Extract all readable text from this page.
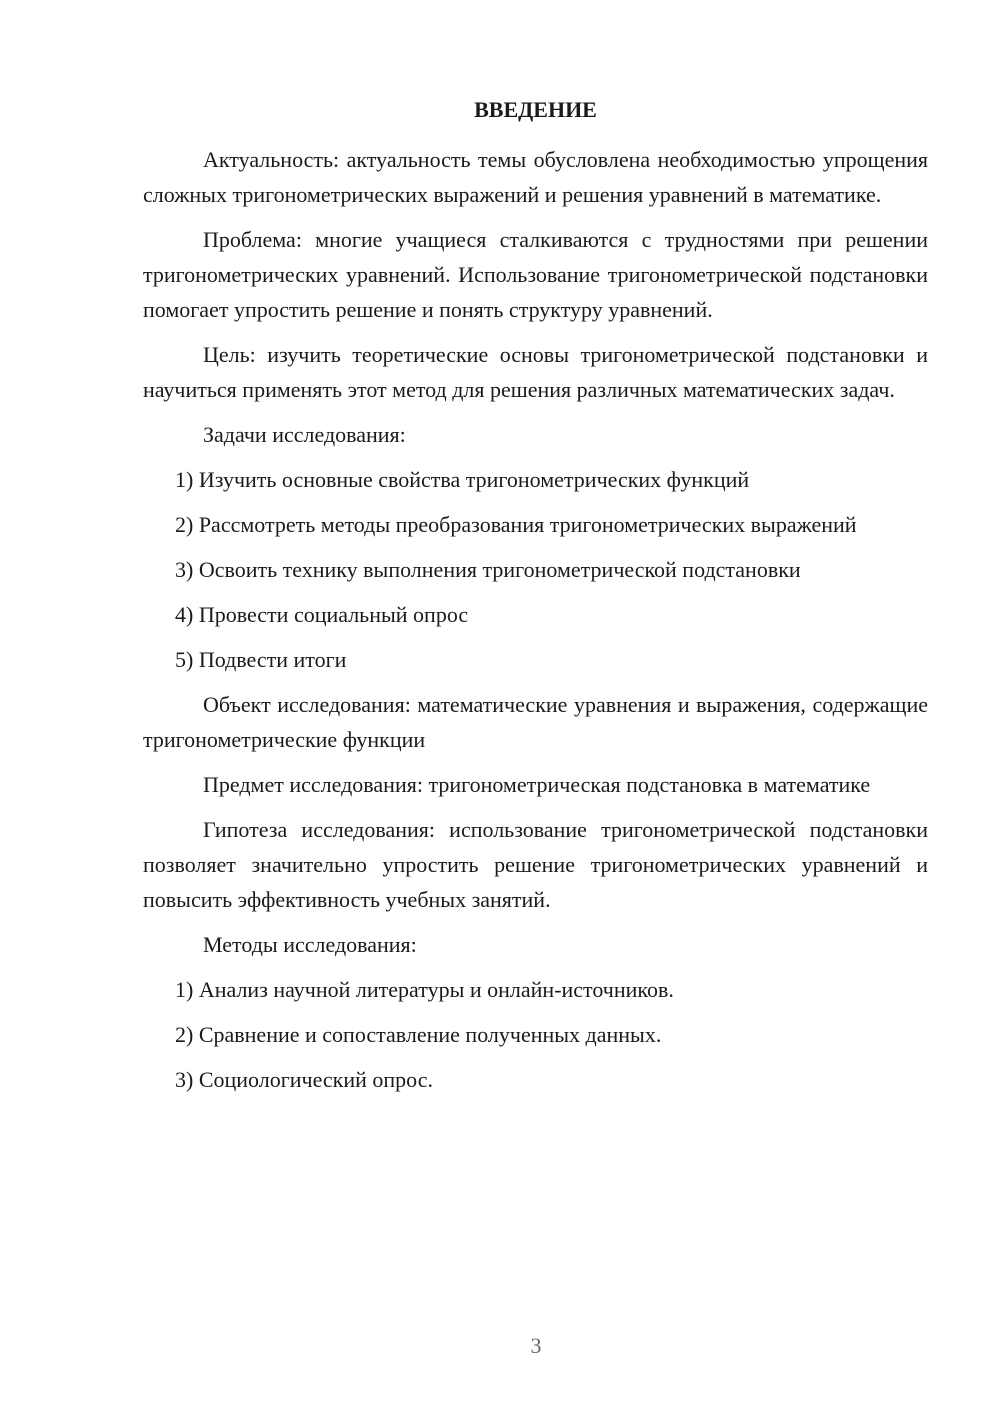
ВВЕДЕНИЕ

Актуальность: актуальность темы обусловлена необходимостью упрощения сложных тригонометрических выражений и решения уравнений в математике.

Проблема: многие учащиеся сталкиваются с трудностями при решении тригонометрических уравнений. Использование тригонометрической подстановки помогает упростить решение и понять структуру уравнений.

Цель: изучить теоретические основы тригонометрической подстановки и научиться применять этот метод для решения различных математических задач.

Задачи исследования:

1) Изучить основные свойства тригонометрических функций

2) Рассмотреть методы преобразования тригонометрических выражений

3) Освоить технику выполнения тригонометрической подстановки

4) Провести социальный опрос

5) Подвести итоги

Объект исследования: математические уравнения и выражения, содержащие тригонометрические функции

Предмет исследования: тригонометрическая подстановка в математике

Гипотеза исследования: использование тригонометрической подстановки позволяет значительно упростить решение тригонометрических уравнений и повысить эффективность учебных занятий.

Методы исследования:

1) Анализ научной литературы и онлайн-источников.

2) Сравнение и сопоставление полученных данных.

3) Социологический опрос.

3
